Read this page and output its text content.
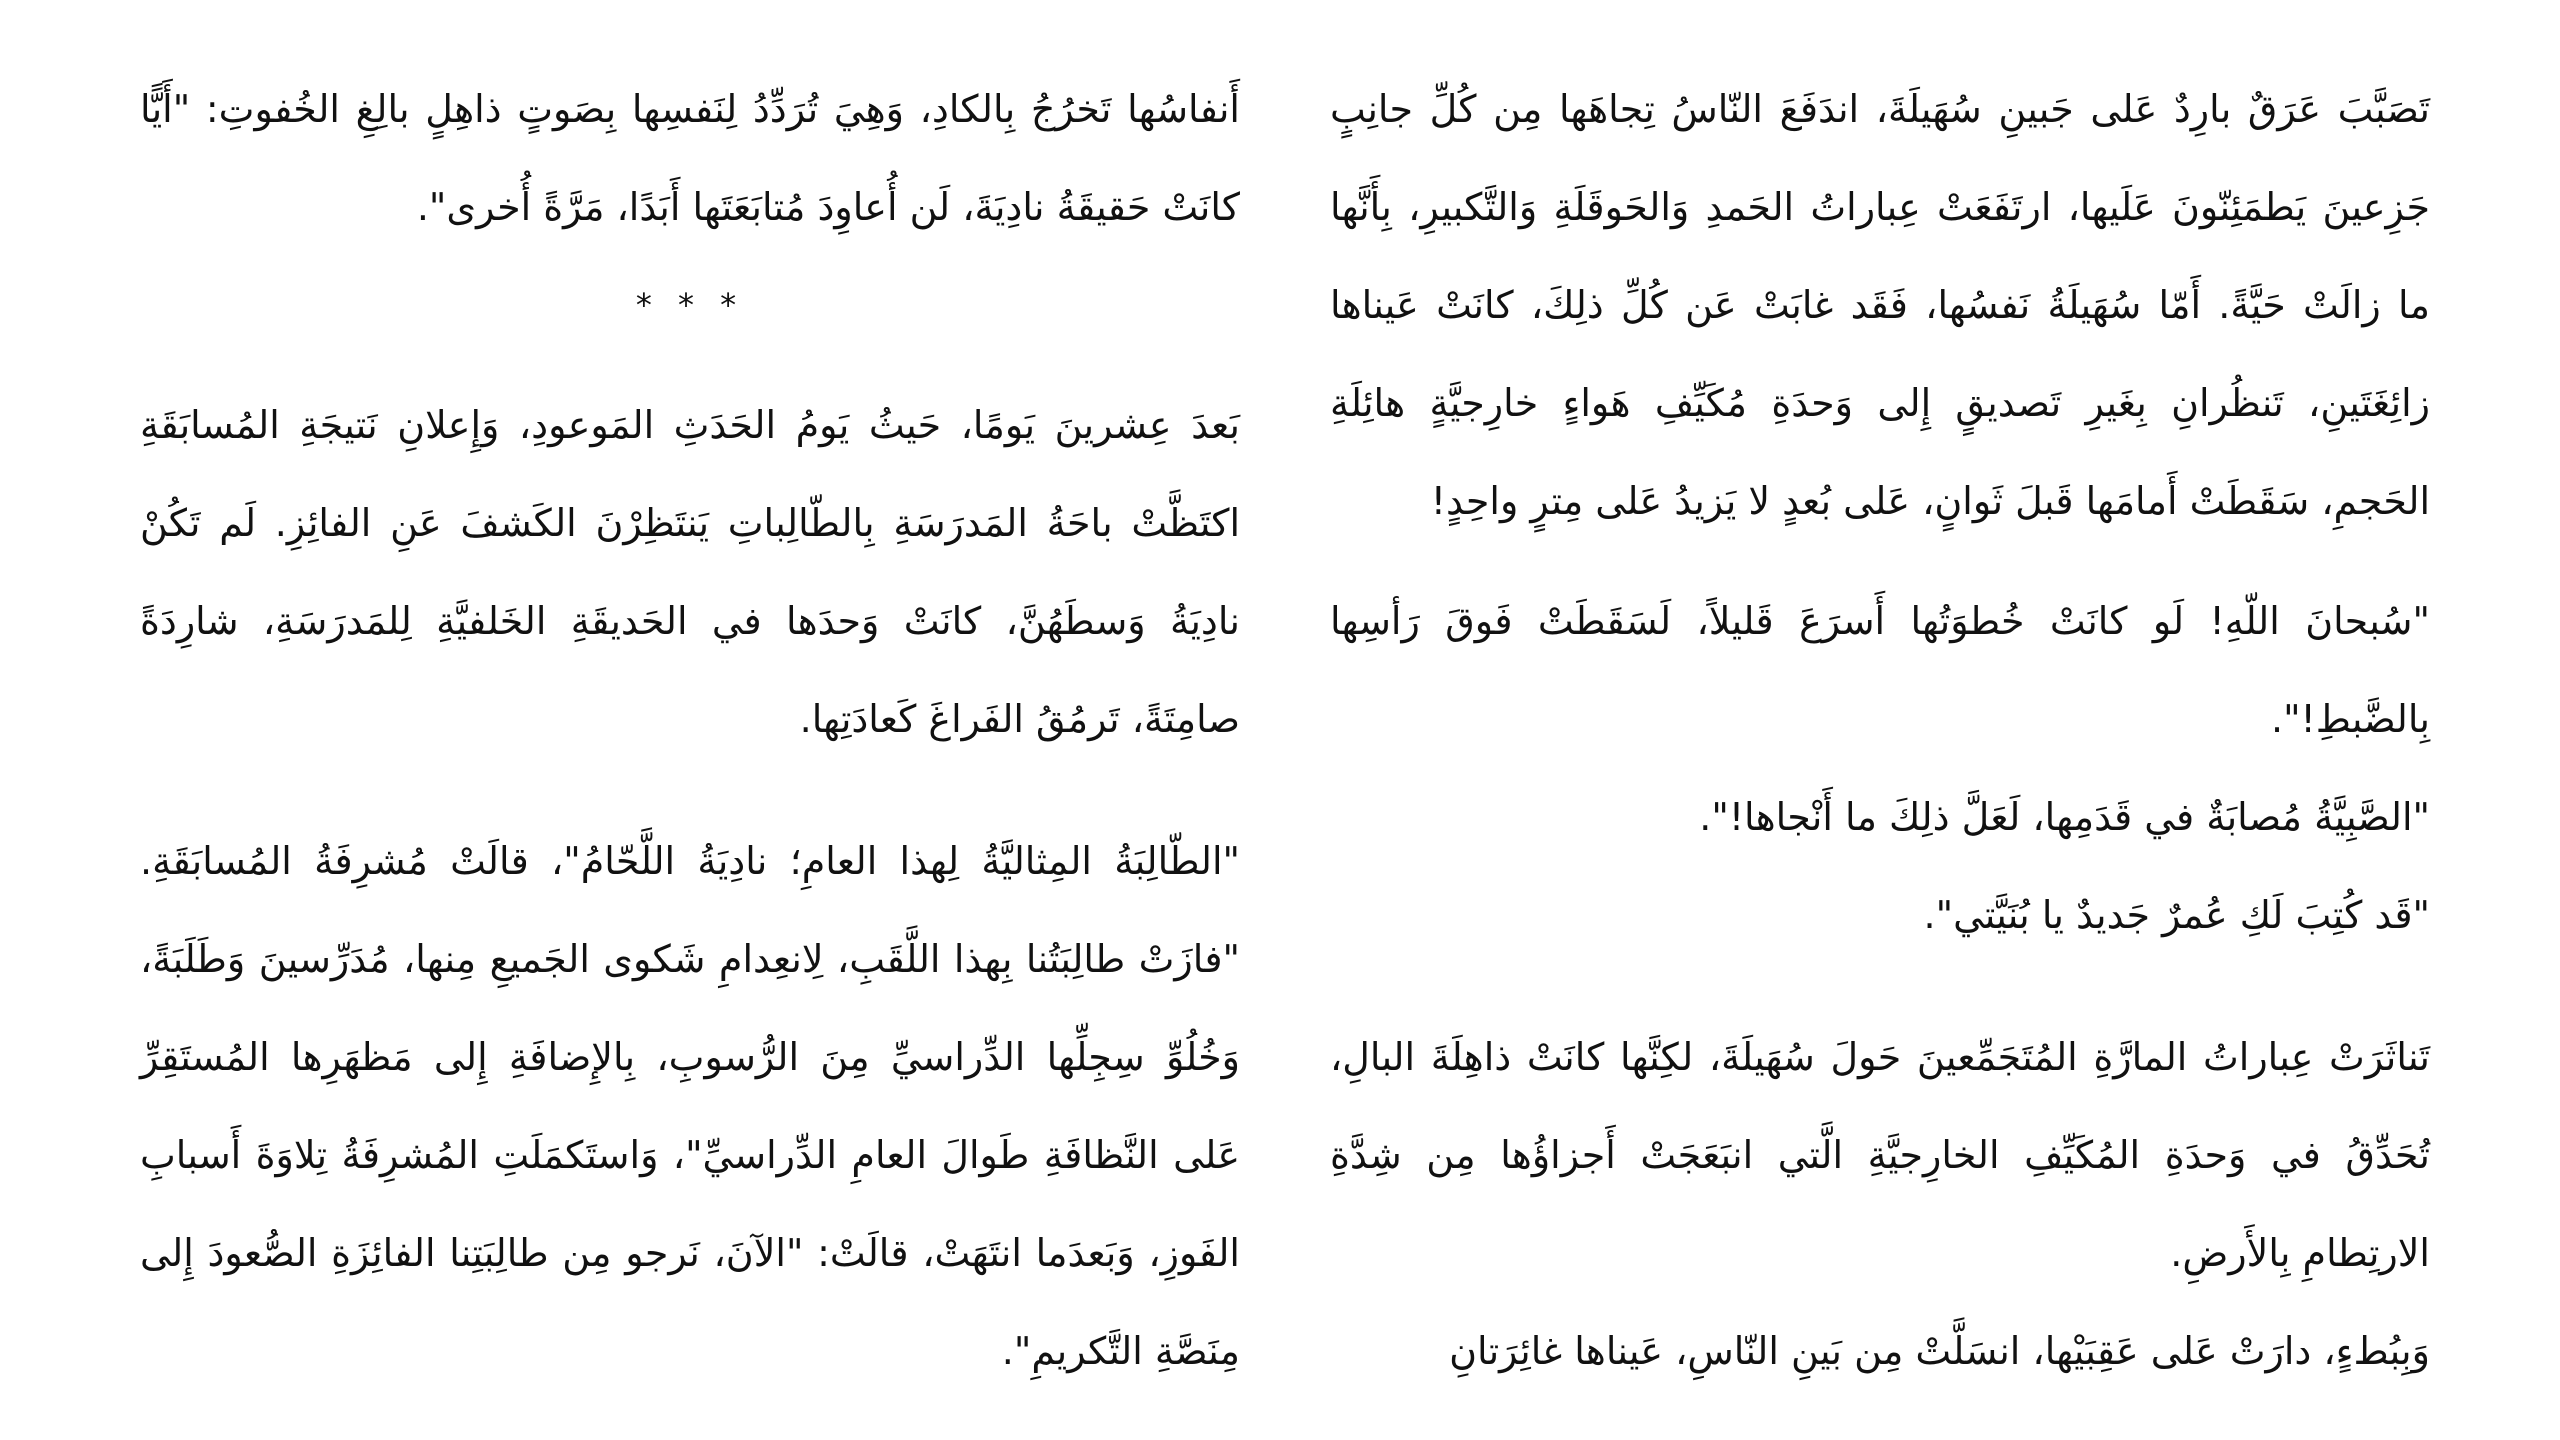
تَصَبَّبَ عَرَقٌ بارِدٌ عَلى جَبينِ سُهَيلَةَ، اندَفَعَ النّاسُ تِجاهَها مِن كُلِّ جانِبٍ جَزِعينَ يَطمَئِنّونَ عَلَيها، ارتَفَعَتْ عِباراتُ الحَمدِ وَالحَوقَلَةِ وَالتَّكبيرِ، بِأَنَّها ما زالَتْ حَيَّةً. أَمّا سُهَيلَةُ نَفسُها، فَقَد غابَتْ عَن كُلِّ ذلِكَ، كانَتْ عَيناها زائِغَتَينِ، تَنظُرانِ بِغَيرِ تَصديقٍ إِلى وَحدَةِ مُكَيِّفِ هَواءٍ خارِجيَّةٍ هائِلَةِ الحَجمِ، سَقَطَتْ أَمامَها قَبلَ ثَوانٍ، عَلى بُعدٍ لا يَزيدُ عَلى مِترٍ واحِدٍ!

"سُبحانَ اللّهِ! لَو كانَتْ خُطوَتُها أَسرَعَ قَليلاً، لَسَقَطَتْ فَوقَ رَأسِها بِالضَّبطِ!".

"الصَّبِيَّةُ مُصابَةٌ في قَدَمِها، لَعَلَّ ذلِكَ ما أَنْجاها!".

"قَد كُتِبَ لَكِ عُمرٌ جَديدٌ يا بُنَيَّتي".

تَناثَرَتْ عِباراتُ المارَّةِ المُتَجَمِّعينَ حَولَ سُهَيلَةَ، لكِنَّها كانَتْ ذاهِلَةَ البالِ، تُحَدِّقُ في وَحدَةِ المُكَيِّفِ الخارِجيَّةِ الَّتي انبَعَجَتْ أَجزاؤُها مِن شِدَّةِ الارتِطامِ بِالأَرضِ.

وَبِبُطءٍ، دارَتْ عَلى عَقِبَيْها، انسَلَّتْ مِن بَينِ النّاسِ، عَيناها غائِرَتانِ

أَنفاسُها تَخرُجُ بِالكادِ، وَهِيَ تُرَدِّدُ لِنَفسِها بِصَوتٍ ذاهِلٍ بالِغِ الخُفوتِ: "أَيًّا كانَتْ حَقيقَةُ نادِيَةَ، لَن أُعاوِدَ مُتابَعَتَها أَبَدًا، مَرَّةً أُخرى".

* * *

بَعدَ عِشرينَ يَومًا، حَيثُ يَومُ الحَدَثِ المَوعودِ، وَإِعلانِ نَتيجَةِ المُسابَقَةِ اكتَظَّتْ باحَةُ المَدرَسَةِ بِالطّالِباتِ يَنتَظِرْنَ الكَشفَ عَنِ الفائِزِ. لَم تَكُنْ نادِيَةُ وَسطَهُنَّ، كانَتْ وَحدَها في الحَديقَةِ الخَلفيَّةِ لِلمَدرَسَةِ، شارِدَةً صامِتَةً، تَرمُقُ الفَراغَ كَعادَتِها.

"الطّالِبَةُ المِثاليَّةُ لِهذا العامِ؛ نادِيَةُ اللَّحّامُ"، قالَتْ مُشرِفَةُ المُسابَقَةِ. "فازَتْ طالِبَتُنا بِهذا اللَّقَبِ، لِانعِدامِ شَكوى الجَميعِ مِنها، مُدَرِّسينَ وَطَلَبَةً، وَخُلُوِّ سِجِلِّها الدِّراسيِّ مِنَ الرُّسوبِ، بِالإِضافَةِ إِلى مَظهَرِها المُستَقِرِّ عَلى النَّظافَةِ طَوالَ العامِ الدِّراسيِّ"، وَاستَكمَلَتِ المُشرِفَةُ تِلاوَةَ أَسبابِ الفَوزِ، وَبَعدَما انتَهَتْ، قالَتْ: "الآنَ، نَرجو مِن طالِبَتِنا الفائِزَةِ الصُّعودَ إِلى مِنَصَّةِ التَّكريمِ".
